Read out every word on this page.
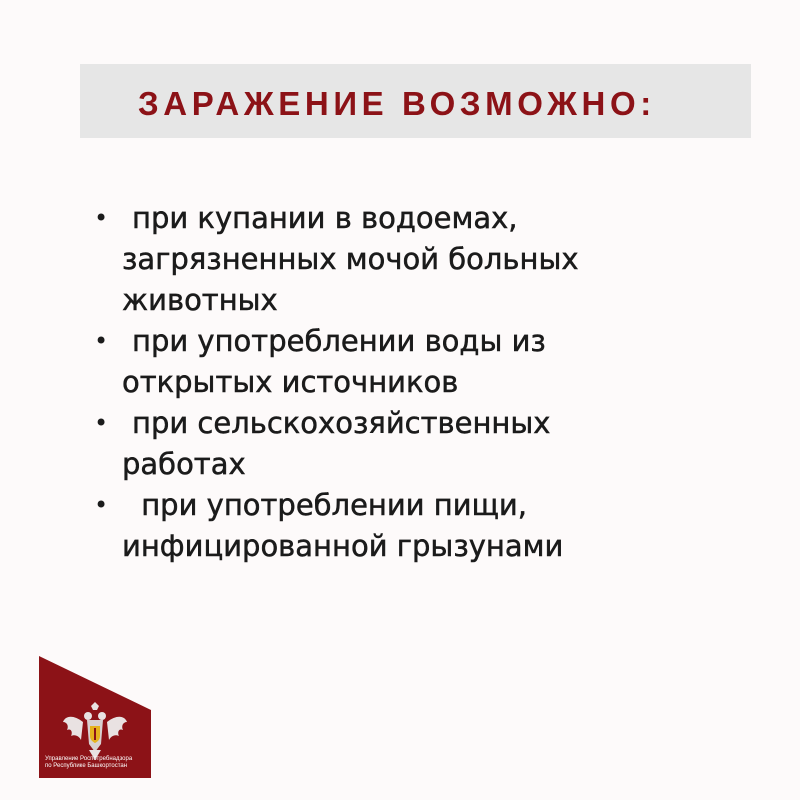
ЗАРАЖЕНИЕ ВОЗМОЖНО:
• при купании в водоемах,
загрязненных мочой больных
животных
• при употреблении воды из
открытых источников
• при сельскохозяйственных
работах
• при употреблении пищи,
инфицированной грызунами
Управление Роспотребнадзора
по Республике Башкортостан
